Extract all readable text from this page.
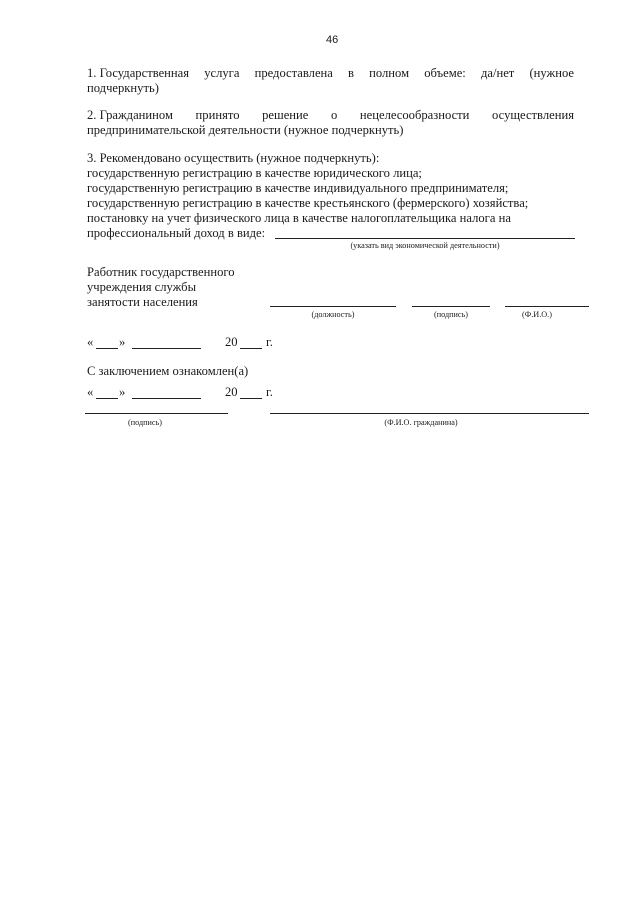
46
1. Государственная услуга предоставлена в полном объеме: да/нет (нужное
подчеркнуть)
2. Гражданином принято решение о нецелесообразности осуществления
предпринимательской деятельности (нужное подчеркнуть)
3. Рекомендовано осуществить (нужное подчеркнуть):
государственную регистрацию в качестве юридического лица;
государственную регистрацию в качестве индивидуального предпринимателя;
государственную регистрацию в качестве крестьянского (фермерского) хозяйства;
постановку на учет физического лица в качестве налогоплательщика налога на
профессиональный доход в виде:
(указать вид экономической деятельности)
Работник государственного
учреждения службы
занятости населения
(должность)	(подпись)	(Ф.И.О.)
« »	20 г.
С заключением ознакомлен(а)
« »	20 г.
(подпись)	(Ф.И.О. гражданина)
